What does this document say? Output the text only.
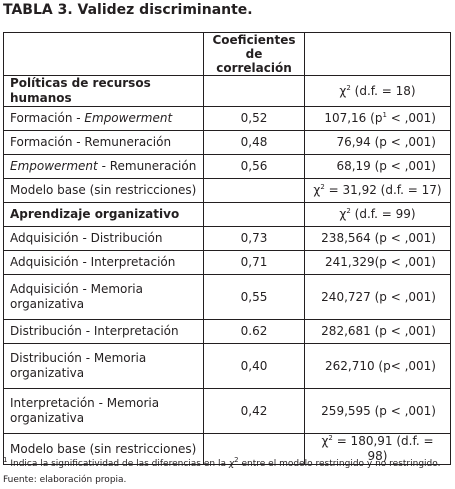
TABLA 3. Validez discriminante.
	Coeficientes
de correlación	
Políticas de recursos humanos		$\chi^2$ (d.f. = 18)
Formación - Empowerment	0,52	107,16 $(p^1 < ,001)$
Formación - Remuneración	0,48	76,94 (p < ,001)
Empowerment - Remuneración	0,56	68,19 (p < ,001)
Modelo base (sin restricciones)		$\chi^2 = 31,92$ (d.f. = 17)
Aprendizaje organizativo		$\chi^2$ (d.f. = 99)
Adquisición - Distribución	0,73	238,564 (p < ,001)
Adquisición - Interpretación	0,71	241,329(p < ,001)
Adquisición - Memoria
organizativa	0,55	240,727 (p < ,001)
Distribución - Interpretación	0.62	282,681 (p < ,001)
Distribución - Memoria
organizativa	0,40	262,710 (p< ,001)
Interpretación - Memoria
organizativa	0,42	259,595 (p < ,001)
Modelo base (sin restricciones)		$\chi^2 = 180,91$ (d.f. = 98)
$^1$ Indica la significatividad de las diferencias en la $\chi^2$ entre el modelo restringido y no restringido.
Fuente: elaboración propia.
